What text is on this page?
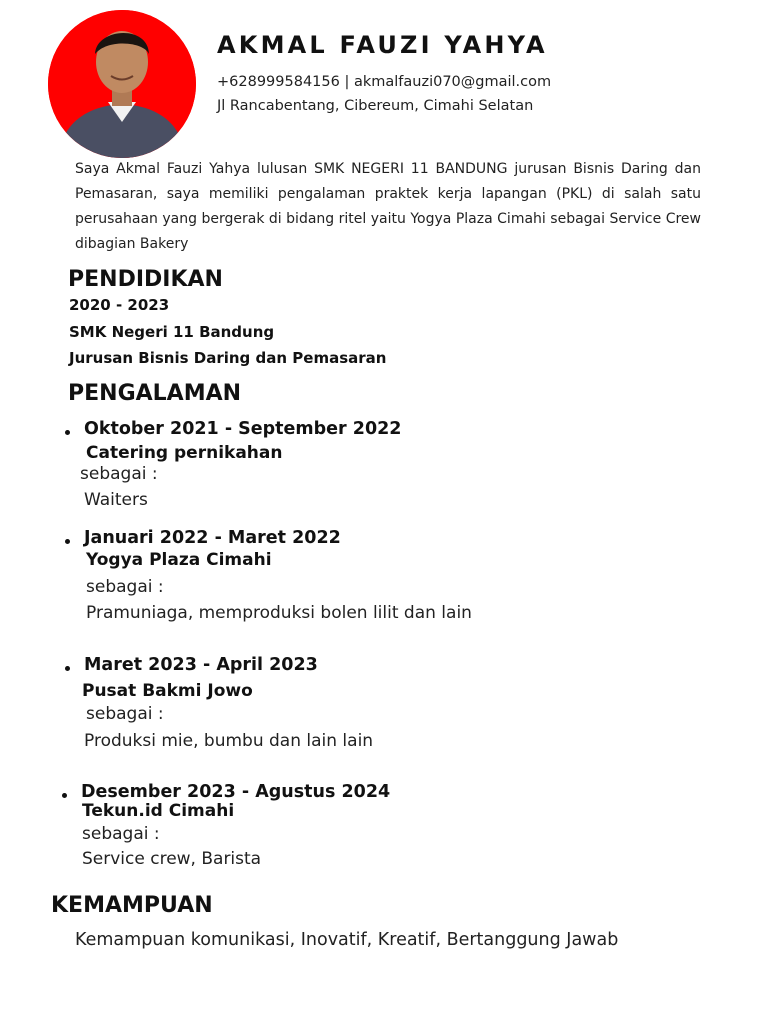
AKMAL FAUZI YAHYA
+628999584156 | akmalfauzi070@gmail.com
Jl Rancabentang, Cibereum, Cimahi Selatan
Saya Akmal Fauzi Yahya lulusan SMK NEGERI 11 BANDUNG jurusan Bisnis Daring dan Pemasaran, saya memiliki pengalaman praktek kerja lapangan (PKL) di salah satu perusahaan yang bergerak di bidang ritel yaitu Yogya Plaza Cimahi sebagai Service Crew dibagian Bakery
PENDIDIKAN
2020 - 2023
SMK Negeri 11 Bandung
Jurusan Bisnis Daring dan Pemasaran
PENGALAMAN
Oktober 2021 - September 2022
Catering pernikahan
sebagai :
Waiters
Januari 2022 - Maret 2022
Yogya Plaza Cimahi
sebagai :
Pramuniaga, memproduksi bolen lilit dan lain
Maret 2023 - April 2023
Pusat Bakmi Jowo
sebagai :
Produksi mie, bumbu dan lain lain
Desember 2023 - Agustus 2024
Tekun.id Cimahi
sebagai :
Service crew, Barista
KEMAMPUAN
Kemampuan komunikasi, Inovatif, Kreatif, Bertanggung Jawab
